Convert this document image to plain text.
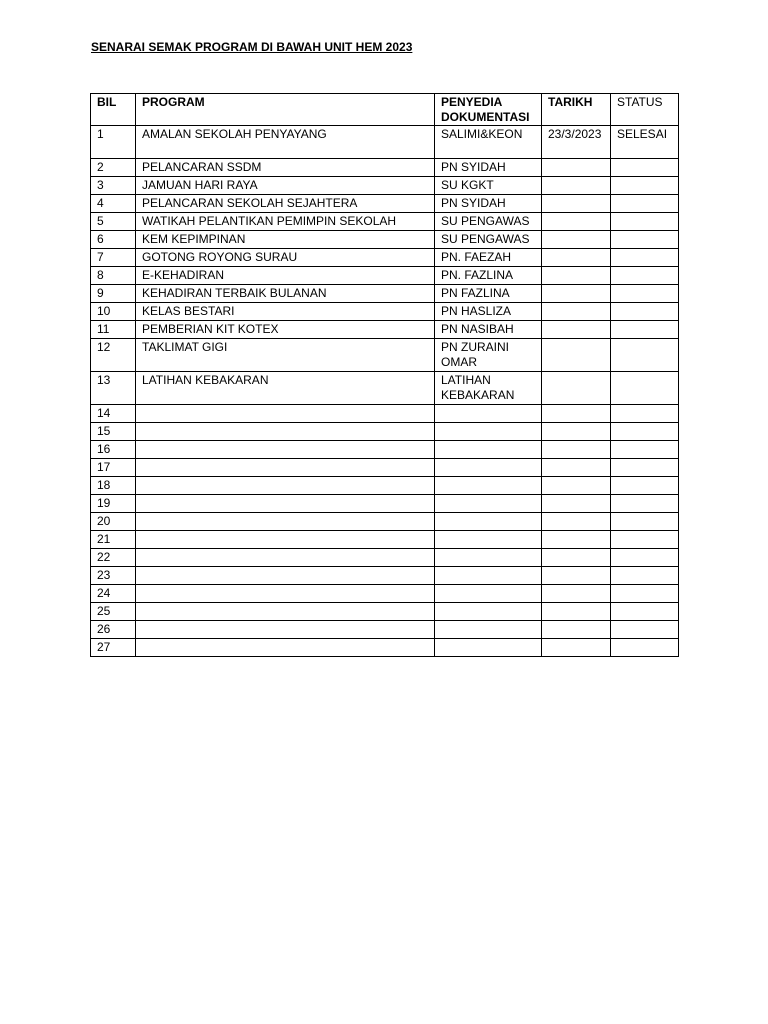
SENARAI SEMAK PROGRAM DI BAWAH UNIT HEM 2023
BIL	PROGRAM	PENYEDIA DOKUMENTASI	TARIKH	STATUS
1	AMALAN SEKOLAH PENYAYANG	SALIMI&KEON	23/3/2023	SELESAI
2	PELANCARAN SSDM	PN SYIDAH		
3	JAMUAN HARI RAYA	SU KGKT		
4	PELANCARAN SEKOLAH SEJAHTERA	PN SYIDAH		
5	WATIKAH PELANTIKAN PEMIMPIN SEKOLAH	SU PENGAWAS		
6	KEM KEPIMPINAN	SU PENGAWAS		
7	GOTONG ROYONG SURAU	PN. FAEZAH		
8	E-KEHADIRAN	PN. FAZLINA		
9	KEHADIRAN TERBAIK BULANAN	PN FAZLINA		
10	KELAS BESTARI	PN HASLIZA		
11	PEMBERIAN KIT KOTEX	PN NASIBAH		
12	TAKLIMAT GIGI	PN ZURAINI OMAR		
13	LATIHAN KEBAKARAN	LATIHAN KEBAKARAN		
14				
15				
16				
17				
18				
19				
20				
21				
22				
23				
24				
25				
26				
27				
